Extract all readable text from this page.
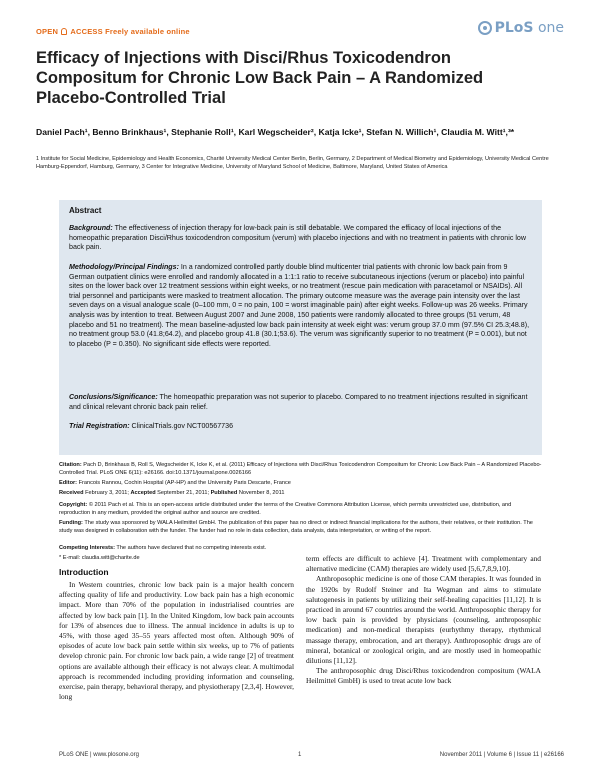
OPEN ACCESS Freely available online	PLoS one
Efficacy of Injections with Disci/Rhus Toxicodendron Compositum for Chronic Low Back Pain – A Randomized Placebo-Controlled Trial
Daniel Pach¹, Benno Brinkhaus¹, Stephanie Roll¹, Karl Wegscheider², Katja Icke¹, Stefan N. Willich¹, Claudia M. Witt¹,³*
1 Institute for Social Medicine, Epidemiology and Health Economics, Charité University Medical Center Berlin, Berlin, Germany, 2 Department of Medical Biometry and Epidemiology, University Medical Centre Hamburg-Eppendorf, Hamburg, Germany, 3 Center for Integrative Medicine, University of Maryland School of Medicine, Baltimore, Maryland, United States of America
Abstract
Background: The effectiveness of injection therapy for low-back pain is still debatable. We compared the efficacy of local injections of the homeopathic preparation Disci/Rhus toxicodendron compositum (verum) with placebo injections and with no treatment in patients with chronic low back pain.
Methodology/Principal Findings: In a randomized controlled partly double blind multicenter trial patients with chronic low back pain from 9 German outpatient clinics were enrolled and randomly allocated in a 1:1:1 ratio to receive subcutaneous injections (verum or placebo) into painful sites on the lower back over 12 treatment sessions within eight weeks, or no treatment (rescue pain medication with paracetamol or NSAIDs). All trial personnel and participants were masked to treatment allocation. The primary outcome measure was the average pain intensity over the last seven days on a visual analogue scale (0–100 mm, 0 = no pain, 100 = worst imaginable pain) after eight weeks. Follow-up was 26 weeks. Primary analysis was by intention to treat. Between August 2007 and June 2008, 150 patients were randomly allocated to three groups (51 verum, 48 placebo and 51 no treatment). The mean baseline-adjusted low back pain intensity at week eight was: verum group 37.0 mm (97.5% CI 25.3;48.8), no treatment group 53.0 (41.8;64.2), and placebo group 41.8 (30.1;53.6). The verum was significantly superior to no treatment (P = 0.001), but not to placebo (P = 0.350). No significant side effects were reported.
Conclusions/Significance: The homeopathic preparation was not superior to placebo. Compared to no treatment injections resulted in significant and clinical relevant chronic back pain relief.
Trial Registration: ClinicalTrials.gov NCT00567736
Citation: Pach D, Brinkhaus B, Roll S, Wegscheider K, Icke K, et al. (2011) Efficacy of Injections with Disci/Rhus Toxicodendron Compositum for Chronic Low Back Pain – A Randomized Placebo-Controlled Trial. PLoS ONE 6(11): e26166. doi:10.1371/journal.pone.0026166
Editor: Francois Rannou, Cochin Hospital (AP-HP) and the University Paris Descarte, France
Received February 3, 2011; Accepted September 21, 2011; Published November 8, 2011
Copyright: © 2011 Pach et al. This is an open-access article distributed under the terms of the Creative Commons Attribution License, which permits unrestricted use, distribution, and reproduction in any medium, provided the original author and source are credited.
Funding: The study was sponsored by WALA Heilmittel GmbH. The publication of this paper has no direct or indirect financial implications for the authors, their relatives, or their institution. The study was designed in collaboration with the funder. The funder had no role in data collection, data analysis, data interpretation, or writing of the report.
Competing Interests: The authors have declared that no competing interests exist.
* E-mail: claudia.witt@charite.de
Introduction

In Western countries, chronic low back pain is a major health concern affecting quality of life and productivity. Low back pain has a high economic impact. More than 70% of the population in industrialised countries are affected by low back pain [1]. In the United Kingdom, low back pain accounts for 13% of absences due to illness. The annual incidence in adults is up to 45%, with those aged 35–55 years affected most often. Although 90% of episodes of acute low back pain settle within six weeks, up to 7% of patients develop chronic pain. For chronic low back pain, a wide range [2] of treatment options are available although their efficacy is not always clear. A multimodal approach is recommended including providing information and counseling, exercise, pain therapy, behavioral therapy, and physiotherapy [2,3,4]. However, long

term effects are difficult to achieve [4]. Treatment with complementary and alternative medicine (CAM) therapies are widely used [5,6,7,8,9,10].

Anthroposophic medicine is one of those CAM therapies. It was founded in the 1920s by Rudolf Steiner and Ita Wegman and aims to stimulate salutogenesis in patients by utilizing their self-healing capacities [11,12]. It is practiced in around 67 countries around the world. Anthroposophic therapy for low back pain is provided by physicians (counseling, anthroposophic medication) and non-medical therapists (eurhythmy therapy, rhythmical massage therapy, embrocation, and art therapy). Anthroposophic drugs are of mineral, botanical or zoological origin, and are mostly used in homeopathic dilutions [11,12].

The anthroposophic drug Disci/Rhus toxicodendron compositum (WALA Heilmittel GmbH) is used to treat acute low back

PLoS ONE | www.plosone.org	1	November 2011 | Volume 6 | Issue 11 | e26166
